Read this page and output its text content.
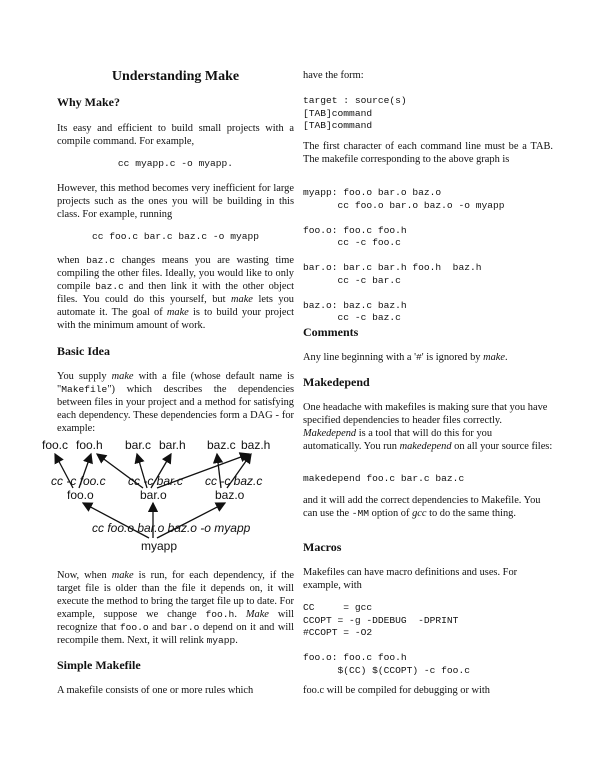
Understanding Make
Why Make?

Its easy and efficient to build small projects with a compile command. For example,

cc myapp.c -o myapp.

However, this method becomes very inefficient for large projects such as the ones you will be building in this class. For example, running

cc foo.c bar.c baz.c -o myapp

when baz.c changes means you are wasting time compiling the other files. Ideally, you would like to only compile baz.c and then link it with the other object files. You could do this yourself, but make lets you automate it. The goal of make is to build your project with the minimum amount of work.

Basic Idea

You supply make with a file (whose default name is "Makefile") which describes the dependencies between files in your project and a method for satisfying each dependency. These dependencies form a DAG - for example:

foo.c foo.h bar.c bar.h baz.c baz.h
cc -c foo.c cc -c bar.c cc -c baz.c
foo.o	bar.o	baz.o
cc foo.o bar.o baz.o -o myapp
myapp

Now, when make is run, for each dependency, if the target file is older than the file it depends on, it will execute the method to bring the target file up to date. For example, suppose we change foo.h. Make will recognize that foo.o and bar.o depend on it and will recompile them. Next, it will relink myapp.

Simple Makefile

A makefile consists of one or more rules which

have the form:

target : source(s)
[TAB]command
[TAB]command

The first character of each command line must be a TAB. The makefile corresponding to the above graph is

myapp: foo.o bar.o baz.o
cc foo.o bar.o baz.o -o myapp

foo.o: foo.c foo.h
cc -c foo.c

bar.o: bar.c bar.h foo.h  baz.h
cc -c bar.c

baz.o: baz.c baz.h
cc -c baz.c
Comments

Any line beginning with a '#' is ignored by make.

Makedepend

One headache with makefiles is making sure that you have specified dependencies to header files correctly. Makedepend is a tool that will do this for you automatically. You run makedepend on all your source files:

makedepend foo.c bar.c baz.c

and it will add the correct dependencies to Makefile. You can use the -MM option of gcc to do the same thing.

Macros

Makefiles can have macro definitions and uses. For example, with

CC     = gcc
CCOPT = -g -DDEBUG  -DPRINT
#CCOPT = -O2

foo.o: foo.c foo.h
$(CC) $(CCOPT) -c foo.c

foo.c will be compiled for debugging or with
